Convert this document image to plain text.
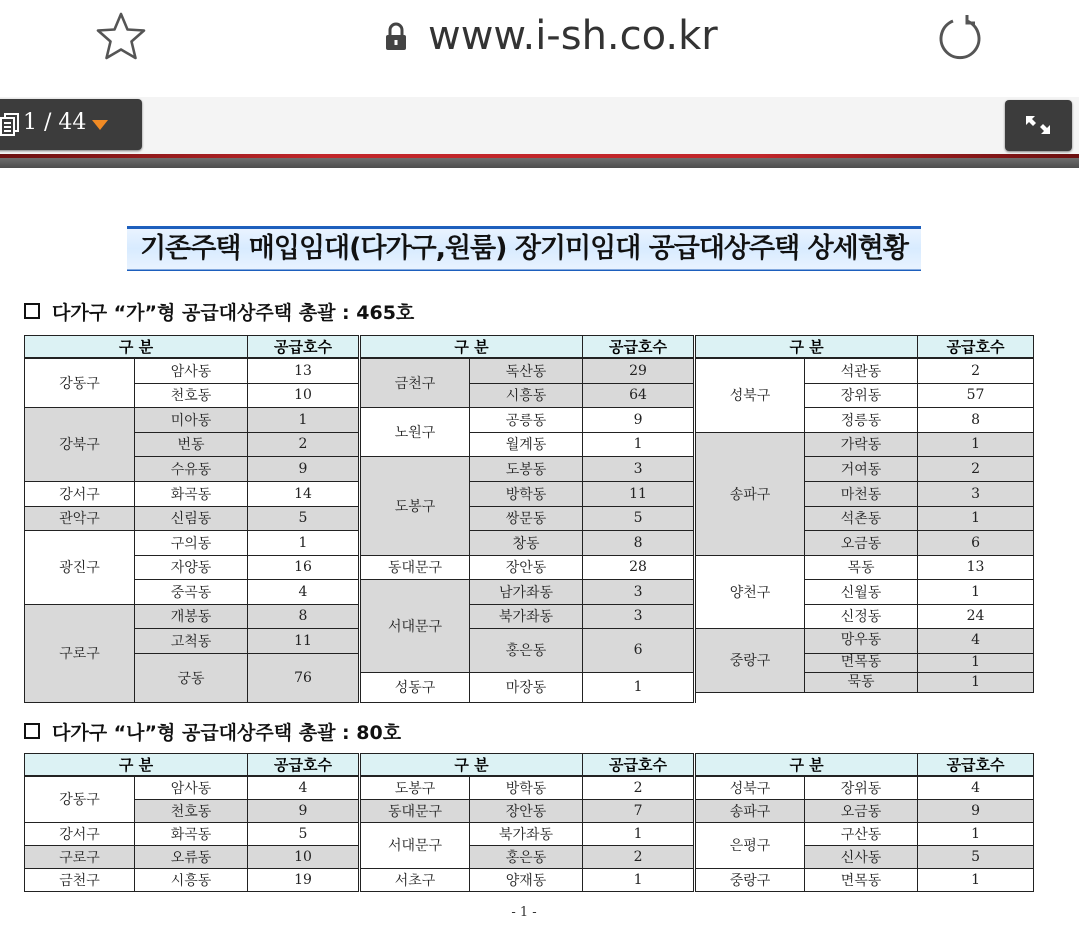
www.i-sh.co.kr
1 / 44
기존주택 매입임대(다가구,원룸) 장기미임대 공급대상주택 상세현황
다가구 “가”형 공급대상주택 총괄 : 465호
구 분		공급호수	구 분		공급호수	구 분		공급호수
강동구	암사동	13	금천구	독산동	29	성북구	석관동	2
	천호동	10		시흥동	64		장위동	57
강북구	미아동	1	노원구	공릉동	9		정릉동	8
	번동	2		월계동	1	송파구	가락동	1
	수유동	9	도봉구	도봉동	3		거여동	2
강서구	화곡동	14		방학동	11		마천동	3
관악구	신림동	5		쌍문동	5		석촌동	1
광진구	구의동	1		창동	8		오금동	6
	자양동	16	동대문구	장안동	28	양천구	목동	13
	중곡동	4	서대문구	남가좌동	3		신월동	1
구로구	개봉동	8		북가좌동	3		신정동	24
	고척동	11		홍은동	6	중랑구	망우동	4
	궁동	76					면목동	1
			성동구	마장동	1		묵동	1

다가구 “나”형 공급대상주택 총괄 : 80호
구 분		공급호수	구 분		공급호수	구 분		공급호수
강동구	암사동	4	도봉구	방학동	2	성북구	장위동	4
	천호동	9	동대문구	장안동	7	송파구	오금동	9
강서구	화곡동	5	서대문구	북가좌동	1	은평구	구산동	1
구로구	오류동	10		홍은동	2		신사동	5
금천구	시흥동	19	서초구	양재동	1	중랑구	면목동	1
- 1 -
